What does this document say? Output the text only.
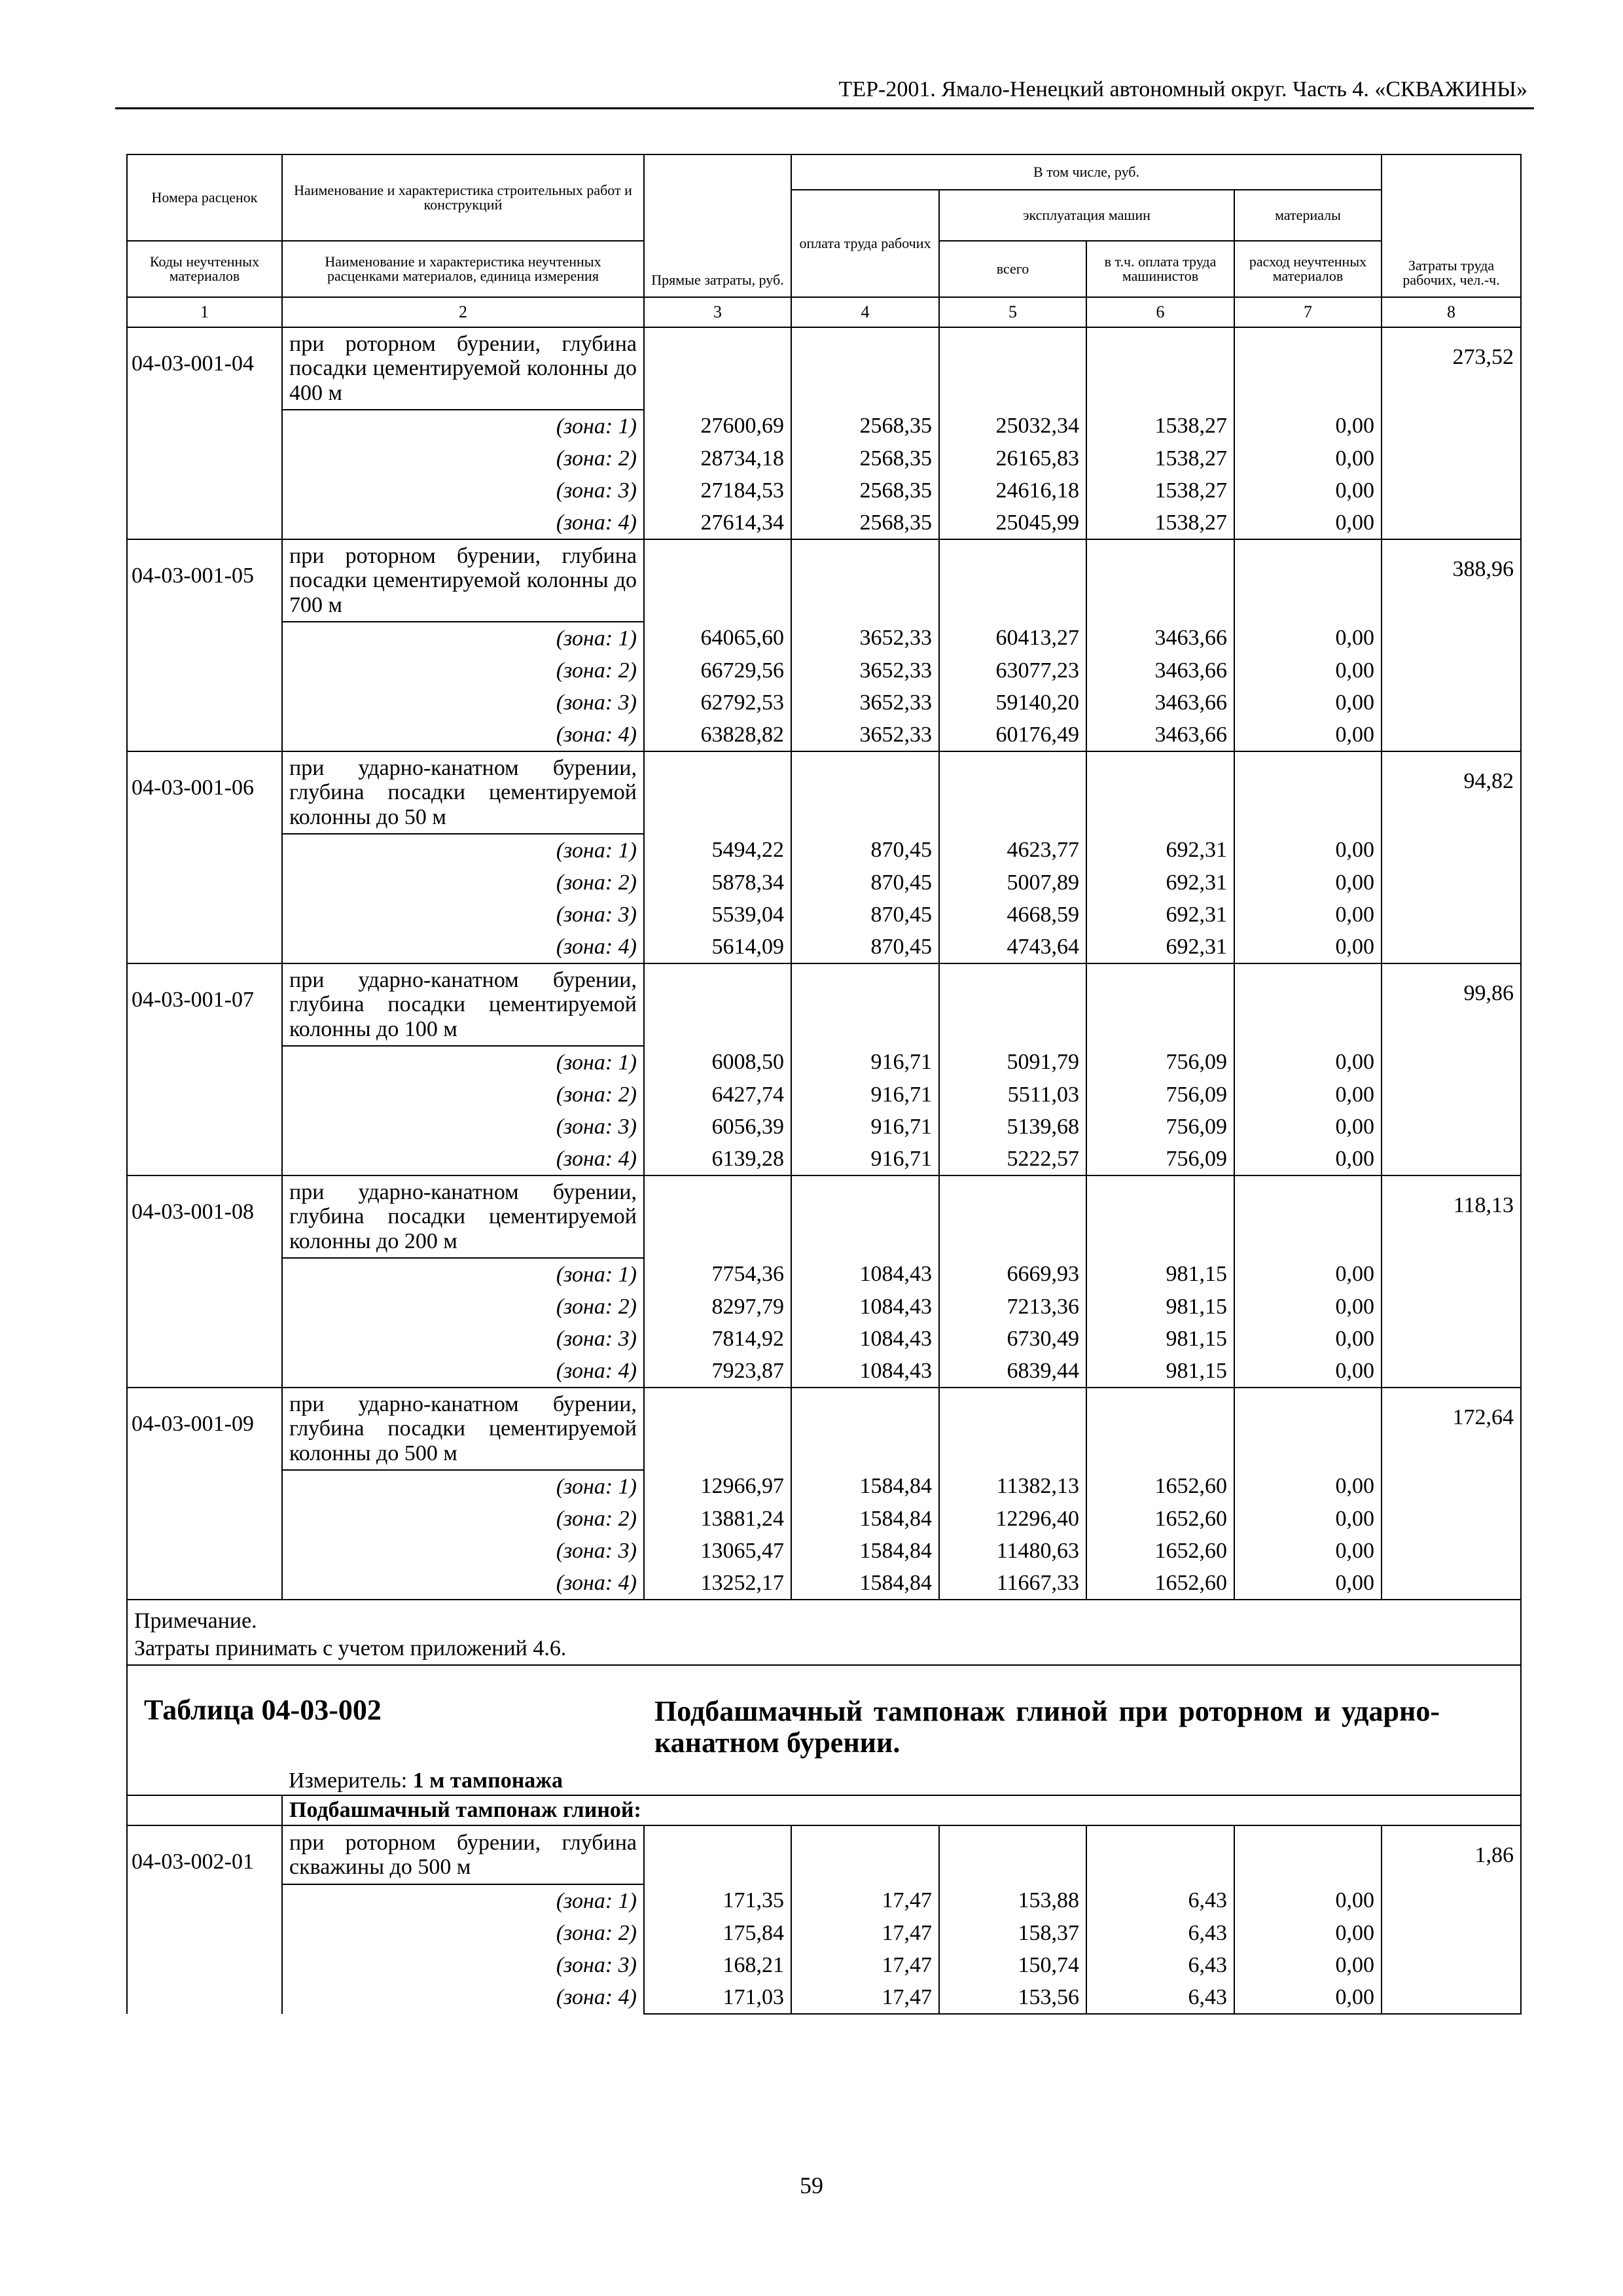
ТЕР-2001. Ямало-Ненецкий автономный округ. Часть 4. «СКВАЖИНЫ»
Номера расценок	Наименование и характеристика строительных работ и конструкций	Прямые затраты, руб.	В том числе, руб.				Затраты труда рабочих, чел.-ч.
			оплата труда рабочих	эксплуатация машин		материалы	
Коды неучтенных материалов	Наименование и характеристика неучтенных расценками материалов, единица измерения			всего	в т.ч. оплата труда машинистов	расход неучтенных материалов	
1	2	3	4	5	6	7	8
04-03-001-04	при роторном бурении, глубина посадки цементируемой колонны до 400 м						273,52
	(зона: 1)	27600,69	2568,35	25032,34	1538,27	0,00	
	(зона: 2)	28734,18	2568,35	26165,83	1538,27	0,00	
	(зона: 3)	27184,53	2568,35	24616,18	1538,27	0,00	
	(зона: 4)	27614,34	2568,35	25045,99	1538,27	0,00	
04-03-001-05	при роторном бурении, глубина посадки цементируемой колонны до 700 м						388,96
	(зона: 1)	64065,60	3652,33	60413,27	3463,66	0,00	
	(зона: 2)	66729,56	3652,33	63077,23	3463,66	0,00	
	(зона: 3)	62792,53	3652,33	59140,20	3463,66	0,00	
	(зона: 4)	63828,82	3652,33	60176,49	3463,66	0,00	
04-03-001-06	при ударно-канатном бурении, глубина посадки цементируемой колонны до 50 м						94,82
	(зона: 1)	5494,22	870,45	4623,77	692,31	0,00	
	(зона: 2)	5878,34	870,45	5007,89	692,31	0,00	
	(зона: 3)	5539,04	870,45	4668,59	692,31	0,00	
	(зона: 4)	5614,09	870,45	4743,64	692,31	0,00	
04-03-001-07	при ударно-канатном бурении, глубина посадки цементируемой колонны до 100 м						99,86
	(зона: 1)	6008,50	916,71	5091,79	756,09	0,00	
	(зона: 2)	6427,74	916,71	5511,03	756,09	0,00	
	(зона: 3)	6056,39	916,71	5139,68	756,09	0,00	
	(зона: 4)	6139,28	916,71	5222,57	756,09	0,00	
04-03-001-08	при ударно-канатном бурении, глубина посадки цементируемой колонны до 200 м						118,13
	(зона: 1)	7754,36	1084,43	6669,93	981,15	0,00	
	(зона: 2)	8297,79	1084,43	7213,36	981,15	0,00	
	(зона: 3)	7814,92	1084,43	6730,49	981,15	0,00	
	(зона: 4)	7923,87	1084,43	6839,44	981,15	0,00	
04-03-001-09	при ударно-канатном бурении, глубина посадки цементируемой колонны до 500 м						172,64
	(зона: 1)	12966,97	1584,84	11382,13	1652,60	0,00	
	(зона: 2)	13881,24	1584,84	12296,40	1652,60	0,00	
	(зона: 3)	13065,47	1584,84	11480,63	1652,60	0,00	
	(зона: 4)	13252,17	1584,84	11667,33	1652,60	0,00	
Примечание.							
Затраты принимать с учетом приложений 4.6.							

Таблица 04-03-002 Подбашмачный тампонаж глиной при роторном и ударно-канатном бурении.							

	Измеритель: 1 м тампонажа						
	Подбашмачный тампонаж глиной:						
04-03-002-01	при роторном бурении, глубина скважины до 500 м						1,86
	(зона: 1)	171,35	17,47	153,88	6,43	0,00	
	(зона: 2)	175,84	17,47	158,37	6,43	0,00	
	(зона: 3)	168,21	17,47	150,74	6,43	0,00	
	(зона: 4)	171,03	17,47	153,56	6,43	0,00	
59
